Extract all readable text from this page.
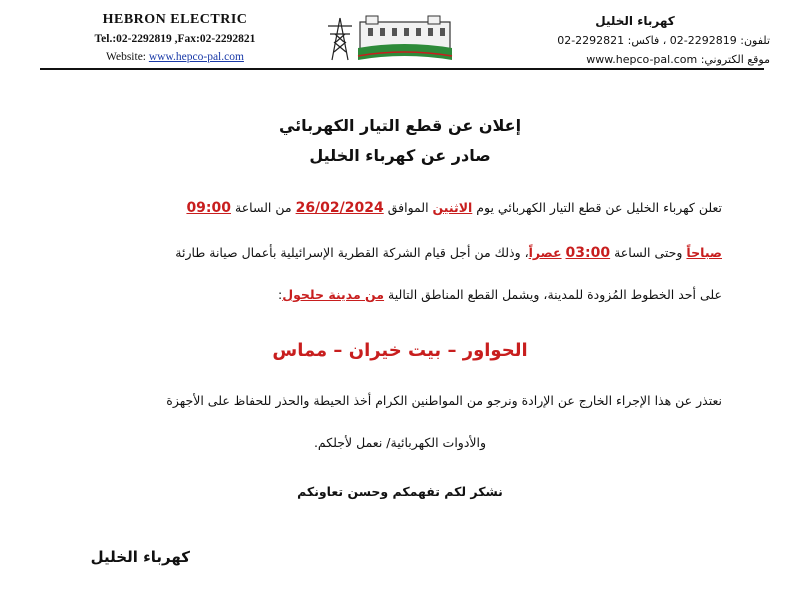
HEBRON ELECTRIC
Tel.:02-2292819 ,Fax:02-2292821
Website: www.hepco-pal.com
كهرباء الخليل
تلفون: 02-2292819 ، فاكس: 02-2292821
موقع الكتروني: www.hepco-pal.com
إعلان عن قطع التيار الكهربائي
صادر عن كهرباء الخليل
تعلن كهرباء الخليل عن قطع التيار الكهربائي يوم الاثنين الموافق 26/02/2024 من الساعة 09:00
صباحاً وحتى الساعة 03:00 عصراً، وذلك من أجل قيام الشركة القطرية الإسرائيلية بأعمال صيانة طارئة
على أحد الخطوط المُزودة للمدينة، ويشمل القطع المناطق التالية من مدينة حلحول:
الحواور – بيت خيران – مماس
نعتذر عن هذا الإجراء الخارج عن الإرادة ونرجو من المواطنين الكرام أخذ الحيطة والحذر للحفاظ على الأجهزة
والأدوات الكهربائية/ نعمل لأجلكم.
نشكر لكم تفهمكم وحسن تعاونكم
كهرباء الخليل
